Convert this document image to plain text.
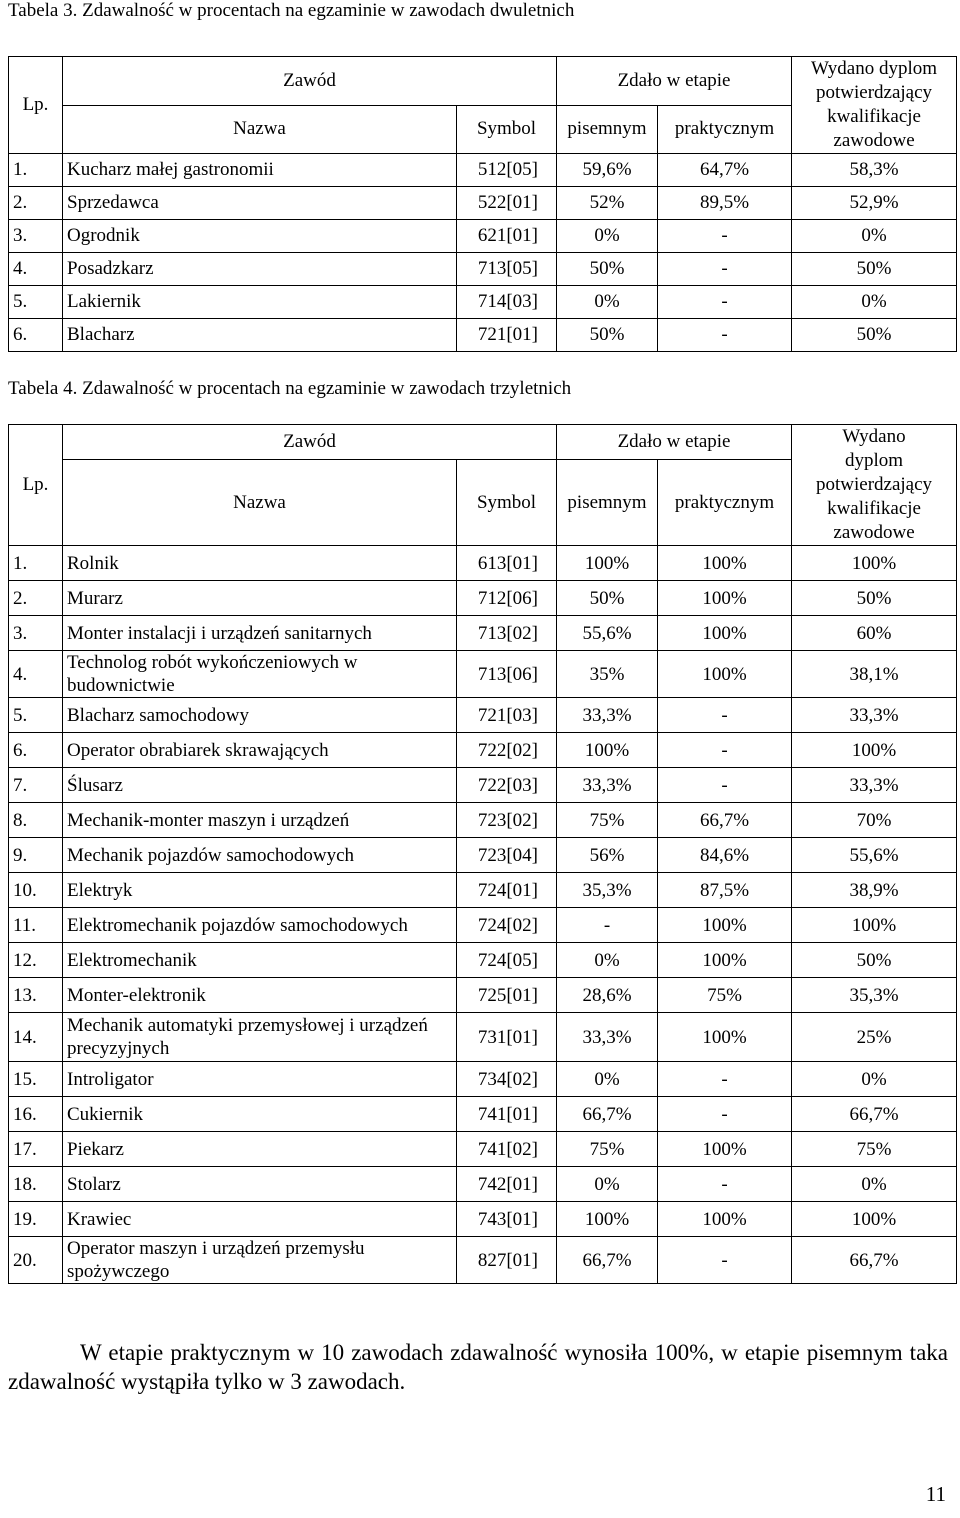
Tabela 3. Zdawalność w procentach na egzaminie w zawodach dwuletnich
Lp.	Zawód		Zdało w etapie		Wydano dyplom potwierdzający kwalifikacje zawodowe
	Nazwa	Symbol	pisemnym	praktycznym	
1.	Kucharz małej gastronomii	512[05]	59,6%	64,7%	58,3%
2.	Sprzedawca	522[01]	52%	89,5%	52,9%
3.	Ogrodnik	621[01]	0%	-	0%
4.	Posadzkarz	713[05]	50%	-	50%
5.	Lakiernik	714[03]	0%	-	0%
6.	Blacharz	721[01]	50%	-	50%
Tabela 4. Zdawalność w procentach na egzaminie w zawodach trzyletnich
Lp.	Zawód		Zdało w etapie		Wydano dyplom potwierdzający kwalifikacje zawodowe
	Nazwa	Symbol	pisemnym	praktycznym	
1.	Rolnik	613[01]	100%	100%	100%
2.	Murarz	712[06]	50%	100%	50%
3.	Monter instalacji i urządzeń sanitarnych	713[02]	55,6%	100%	60%
4.	Technolog robót wykończeniowych w budownictwie	713[06]	35%	100%	38,1%
5.	Blacharz samochodowy	721[03]	33,3%	-	33,3%
6.	Operator obrabiarek skrawających	722[02]	100%	-	100%
7.	Ślusarz	722[03]	33,3%	-	33,3%
8.	Mechanik-monter maszyn i urządzeń	723[02]	75%	66,7%	70%
9.	Mechanik pojazdów samochodowych	723[04]	56%	84,6%	55,6%
10.	Elektryk	724[01]	35,3%	87,5%	38,9%
11.	Elektromechanik pojazdów samochodowych	724[02]	-	100%	100%
12.	Elektromechanik	724[05]	0%	100%	50%
13.	Monter-elektronik	725[01]	28,6%	75%	35,3%
14.	Mechanik automatyki przemysłowej i urządzeń precyzyjnych	731[01]	33,3%	100%	25%
15.	Introligator	734[02]	0%	-	0%
16.	Cukiernik	741[01]	66,7%	-	66,7%
17.	Piekarz	741[02]	75%	100%	75%
18.	Stolarz	742[01]	0%	-	0%
19.	Krawiec	743[01]	100%	100%	100%
20.	Operator maszyn i urządzeń przemysłu spożywczego	827[01]	66,7%	-	66,7%
W etapie praktycznym w 10 zawodach zdawalność wynosiła 100%, w etapie pisemnym taka zdawalność wystąpiła tylko w 3 zawodach.
11
